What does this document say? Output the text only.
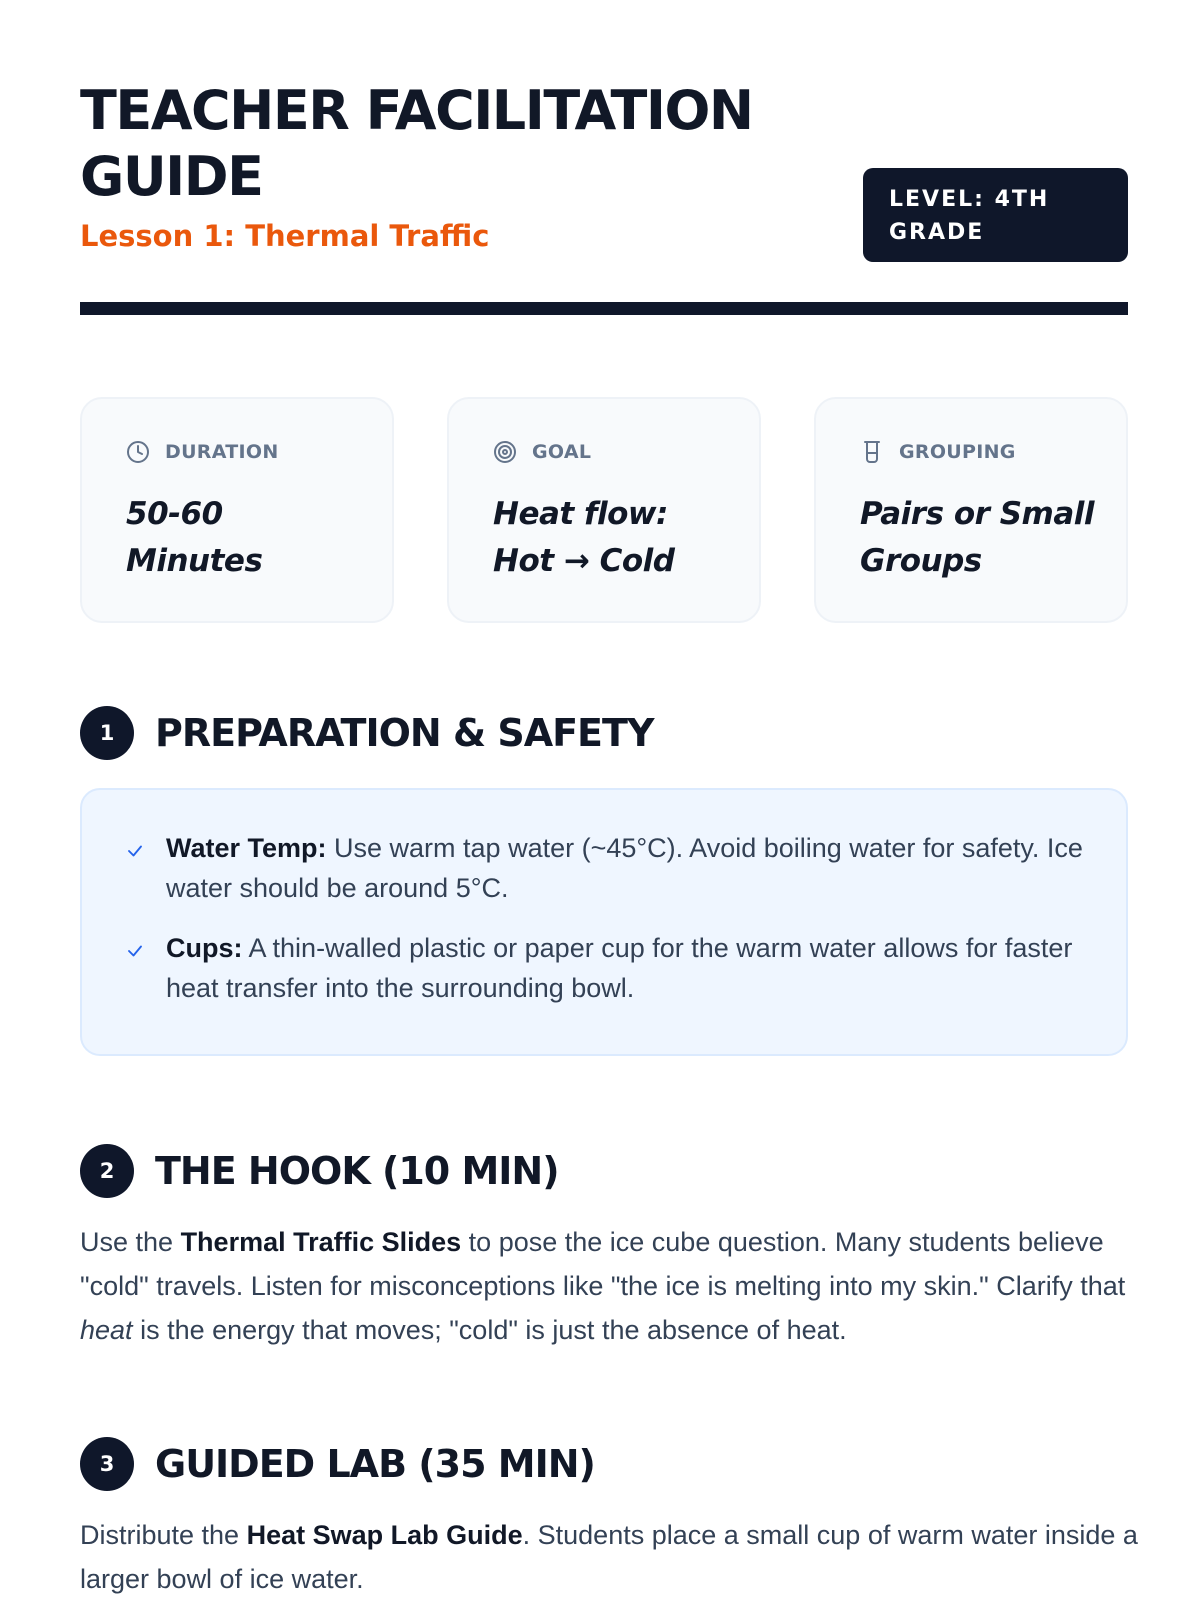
TEACHER FACILITATION GUIDE
Lesson 1: Thermal Traffic
LEVEL: 4TH GRADE
DURATION
50-60
Minutes
GOAL
Heat flow:
Hot → Cold
GROUPING
Pairs or Small
Groups
1	PREPARATION & SAFETY
Water Temp: Use warm tap water (~45°C). Avoid boiling water for safety. Ice water should be around 5°C.
Cups: A thin-walled plastic or paper cup for the warm water allows for faster heat transfer into the surrounding bowl.
2	THE HOOK (10 MIN)

Use the Thermal Traffic Slides to pose the ice cube question. Many students believe "cold" travels. Listen for misconceptions like "the ice is melting into my skin." Clarify that heat is the energy that moves; "cold" is just the absence of heat.

3	GUIDED LAB (35 MIN)

Distribute the Heat Swap Lab Guide. Students place a small cup of warm water inside a larger bowl of ice water.
